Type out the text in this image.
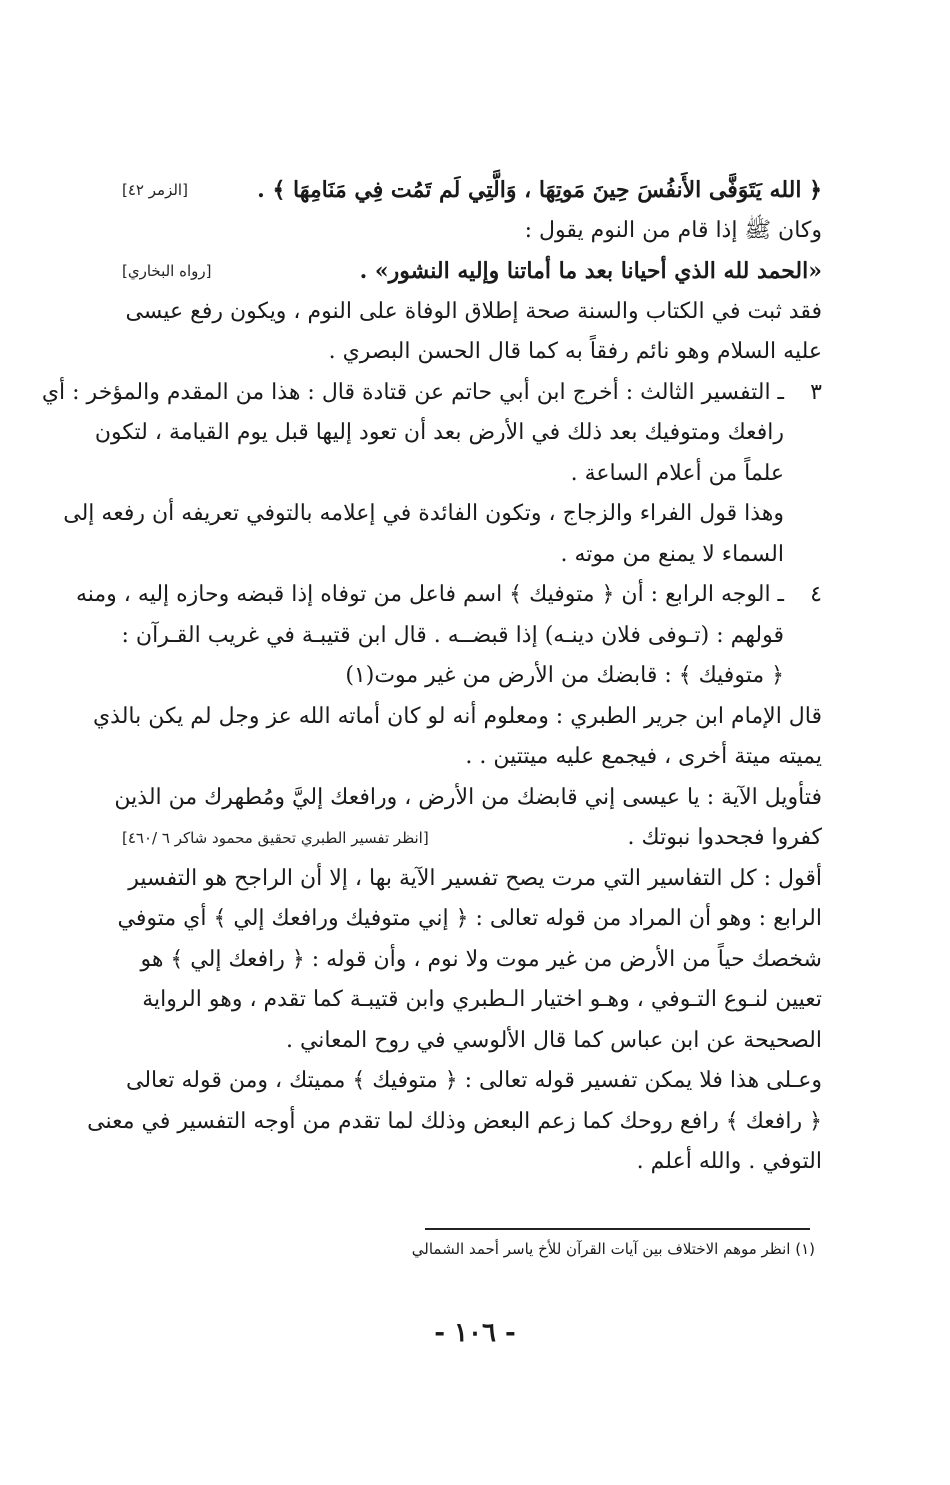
﴿ الله يَتَوَفَّى الأَنفُسَ حِينَ مَوتِهَا ، وَالَّتِي لَم تَمُت فِي مَنَامِهَا ﴾ .
[الزمر ٤٢]
وكان ﷺ إذا قام من النوم يقول :
«الحمد لله الذي أحيانا بعد ما أماتنا وإليه النشور» .
[رواه البخاري]
فقد ثبت في الكتاب والسنة صحة إطلاق الوفاة على النوم ، ويكون رفع عيسى
عليه السلام وهو نائم رفقاً به كما قال الحسن البصري .
٣ـ التفسير الثالث : أخرج ابن أبي حاتم عن قتادة قال : هذا من المقدم والمؤخر : أي
رافعك ومتوفيك بعد ذلك في الأرض بعد أن تعود إليها قبل يوم القيامة ، لتكون
علماً من أعلام الساعة .
وهذا قول الفراء والزجاج ، وتكون الفائدة في إعلامه بالتوفي تعريفه أن رفعه إلى
السماء لا يمنع من موته .
٤ـ الوجه الرابع : أن ﴿ متوفيك ﴾ اسم فاعل من توفاه إذا قبضه وحازه إليه ، ومنه
قولهم : (تـوفى فلان دينـه) إذا قبضــه . قال ابن قتيبـة في غريب القـرآن :
﴿ متوفيك ﴾ : قابضك من الأرض من غير موت(١)
قال الإمام ابن جرير الطبري : ومعلوم أنه لو كان أماته الله عز وجل لم يكن بالذي
يميته ميتة أخرى ، فيجمع عليه ميتتين . .
فتأويل الآية : يا عيسى إني قابضك من الأرض ، ورافعك إليَّ ومُطهرك من الذين
كفروا فجحدوا نبوتك .
[انظر تفسير الطبري تحقيق محمود شاكر ٦ /٤٦٠]
أقول : كل التفاسير التي مرت يصح تفسير الآية بها ، إلا أن الراجح هو التفسير
الرابع : وهو أن المراد من قوله تعالى : ﴿ إني متوفيك ورافعك إلي ﴾ أي متوفي
شخصك حياً من الأرض من غير موت ولا نوم ، وأن قوله : ﴿ رافعك إلي ﴾ هو
تعيين لنـوع التـوفي ، وهـو اختيار الـطبري وابن قتيبـة كما تقدم ، وهو الرواية
الصحيحة عن ابن عباس كما قال الألوسي في روح المعاني .
وعـلى هذا فلا يمكن تفسير قوله تعالى : ﴿ متوفيك ﴾ مميتك ، ومن قوله تعالى
﴿ رافعك ﴾ رافع روحك كما زعم البعض وذلك لما تقدم من أوجه التفسير في معنى
التوفي . والله أعلم .
(١) انظر موهم الاختلاف بين آيات القرآن للأخ ياسر أحمد الشمالي
- ١٠٦ -
